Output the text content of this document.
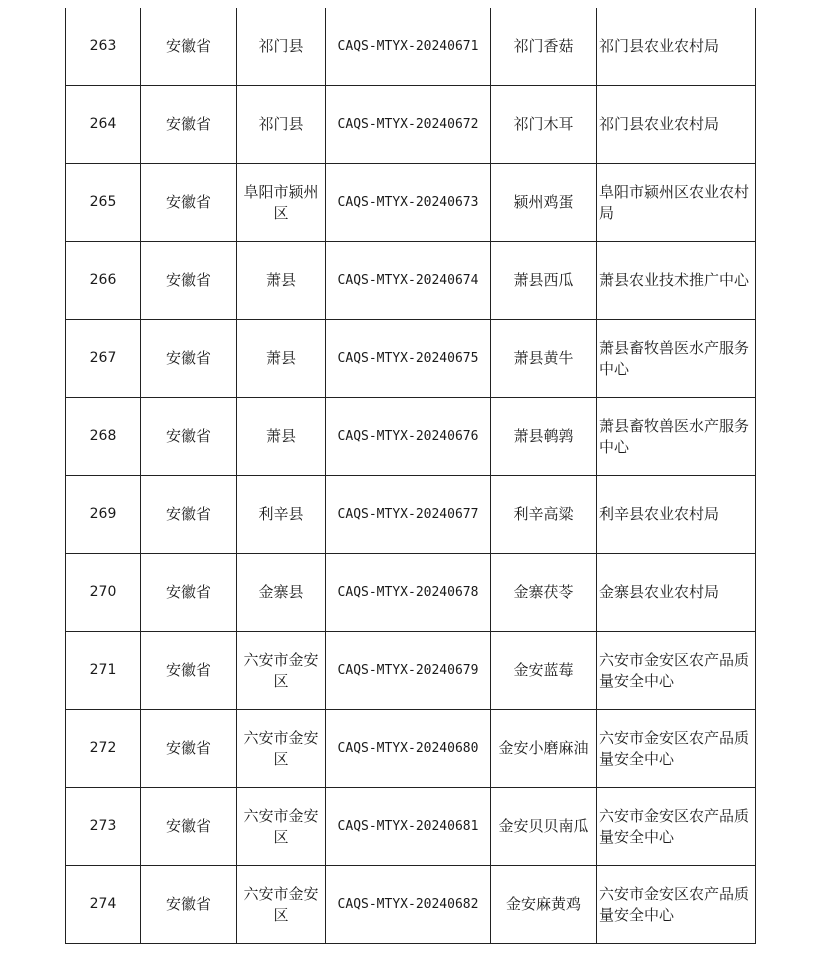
263	安徽省	祁门县	CAQS-MTYX-20240671	祁门香菇	祁门县农业农村局
264	安徽省	祁门县	CAQS-MTYX-20240672	祁门木耳	祁门县农业农村局
265	安徽省	阜阳市颍州区	CAQS-MTYX-20240673	颍州鸡蛋	阜阳市颍州区农业农村局
266	安徽省	萧县	CAQS-MTYX-20240674	萧县西瓜	萧县农业技术推广中心
267	安徽省	萧县	CAQS-MTYX-20240675	萧县黄牛	萧县畜牧兽医水产服务中心
268	安徽省	萧县	CAQS-MTYX-20240676	萧县鹌鹑	萧县畜牧兽医水产服务中心
269	安徽省	利辛县	CAQS-MTYX-20240677	利辛高粱	利辛县农业农村局
270	安徽省	金寨县	CAQS-MTYX-20240678	金寨茯苓	金寨县农业农村局
271	安徽省	六安市金安区	CAQS-MTYX-20240679	金安蓝莓	六安市金安区农产品质量安全中心
272	安徽省	六安市金安区	CAQS-MTYX-20240680	金安小磨麻油	六安市金安区农产品质量安全中心
273	安徽省	六安市金安区	CAQS-MTYX-20240681	金安贝贝南瓜	六安市金安区农产品质量安全中心
274	安徽省	六安市金安区	CAQS-MTYX-20240682	金安麻黄鸡	六安市金安区农产品质量安全中心
